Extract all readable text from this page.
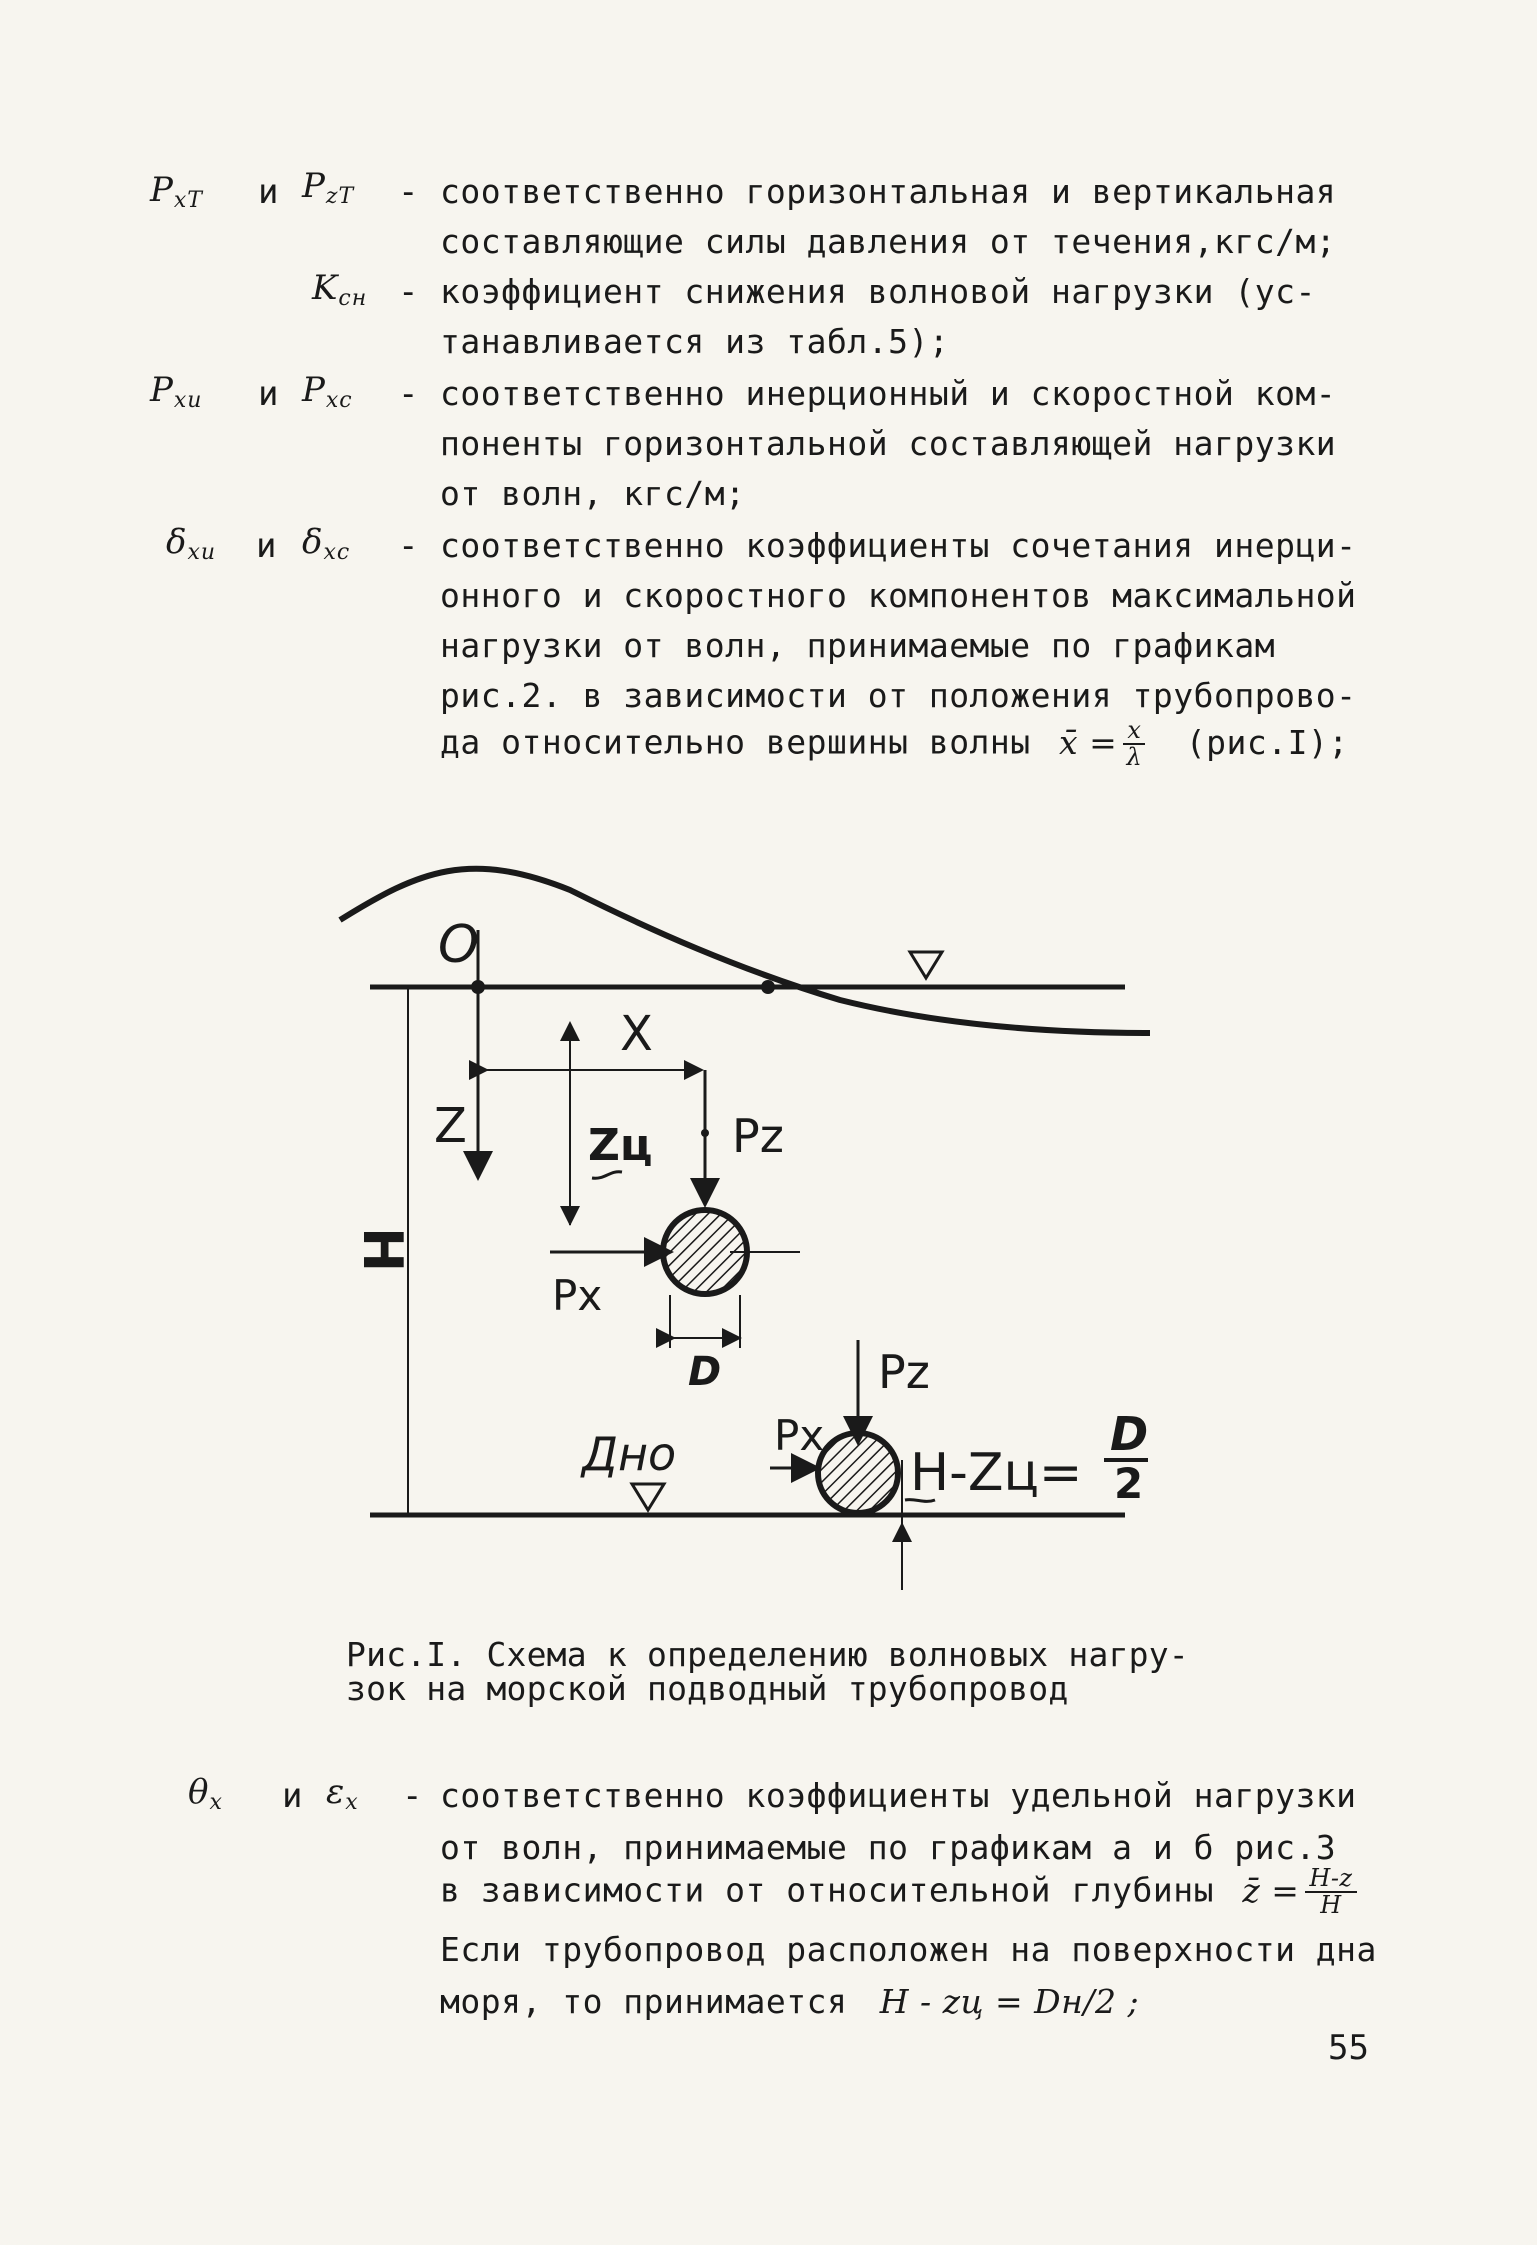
$P_{xT}$ и $P_{zT}$ - соответственно горизонтальная и вертикальная
составляющие силы давления от течения,кгс/м;
$K_{сн}$ - коэффициент снижения волновой нагрузки (ус-
танавливается из табл.5);
$P_{xи}$ и $P_{xc}$ - соответственно инерционный и скоростной ком-
поненты горизонтальной составляющей нагрузки
от волн, кгс/м;
$\delta_{xи}$ и $\delta_{xc}$ - соответственно коэффициенты сочетания инерци-
онного и скоростного компонентов максимальной
нагрузки от волн, принимаемые по графикам
рис.2. в зависимости от положения трубопрово-
да относительно вершины волны x̄ = $\frac{x}{\lambda} (рис.I)$;
O
X
Z	Zц Pz
Px
D
H
Pz
Px
Дно	H-Zц=
D
2
Рис.I. Схема к определению волновых нагру-
зок на морской подводный трубопровод
$\theta_x$ и $\varepsilon_x$ - соответственно коэффициенты удельной нагрузки
от волн, принимаемые по графикам а и б рис.3
в зависимости от относительной глубины z̄ = $\frac{H-z}{H}$
Если трубопровод расположен на поверхности дна
моря, то принимается H - zц = Dн/2 ;
55
